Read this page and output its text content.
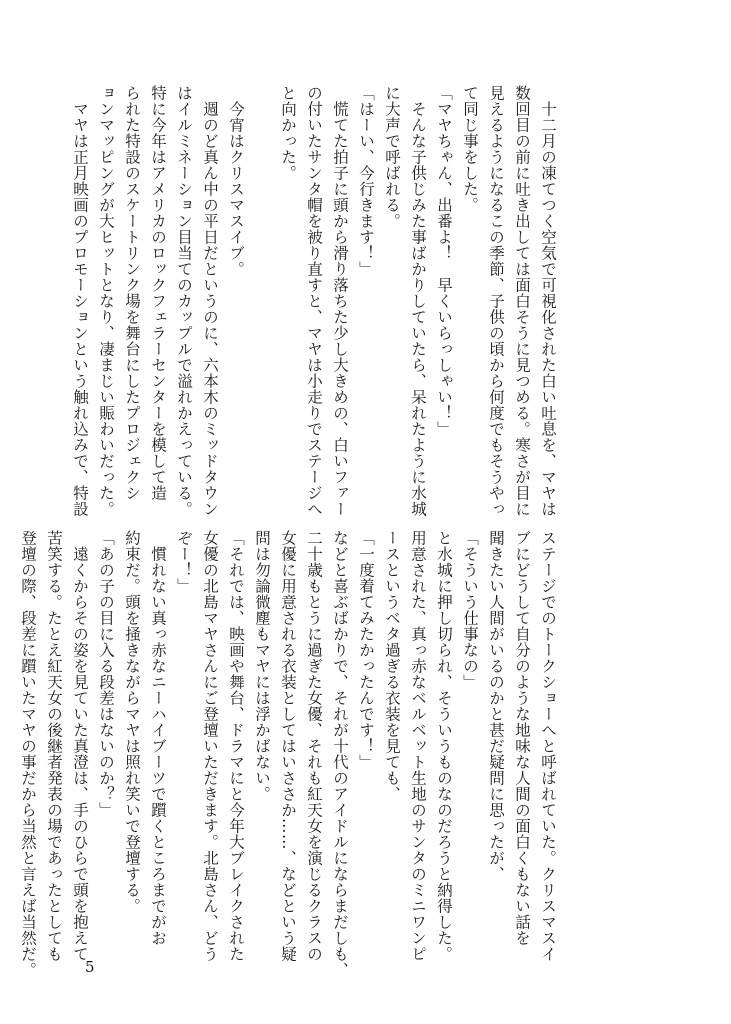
　十二月の凍てつく空気で可視化された白い吐息を、マヤは

数回目の前に吐き出しては面白そうに見つめる。寒さが目に

見えるようになるこの季節、子供の頃から何度でもそうやっ

て同じ事をした。

「マヤちゃん、出番よ！　早くいらっしゃい！」

　そんな子供じみた事ばかりしていたら、呆れたように水城

に大声で呼ばれる。

「はーい、今行きます！」

　慌てた拍子に頭から滑り落ちた少し大きめの、白いファー

の付いたサンタ帽を被り直すと、マヤは小走りでステージへ

と向かった。

　今宵はクリスマスイブ。

　週のど真ん中の平日だというのに、六本木のミッドタウン

はイルミネーション目当てのカップルで溢れかえっている。

特に今年はアメリカのロックフェラーセンターを模して造

られた特設のスケートリンク場を舞台にしたプロジェクシ

ョンマッピングが大ヒットとなり、凄まじい賑わいだった。

　マヤは正月映画のプロモーションという触れ込みで、特設

ステージでのトークショーへと呼ばれていた。クリスマスイ

ブにどうして自分のような地味な人間の面白くもない話を

聞きたい人間がいるのかと甚だ疑問に思ったが、

「そういう仕事なの」

と水城に押し切られ、そういうものなのだろうと納得した。

用意された、真っ赤なベルベット生地のサンタのミニワンピ

ースというベタ過ぎる衣装を見ても、

「一度着てみたかったんです！」

などと喜ぶばかりで、それが十代のアイドルにならまだしも、

二十歳もとうに過ぎた女優、それも紅天女を演じるクラスの

女優に用意される衣装としてはいささか……、などという疑

問は勿論微塵もマヤには浮かばない。

「それでは、映画や舞台、ドラマにと今年大ブレイクされた

女優の北島マヤさんにご登壇いただきます。北島さん、どう

ぞー！」

　慣れない真っ赤なニーハイブーツで躓くところまでがお

約束だ。頭を掻きながらマヤは照れ笑いで登壇する。

「あの子の目に入る段差はないのか？」

　遠くからその姿を見ていた真澄は、手のひらで頭を抱えて

苦笑する。たとえ紅天女の後継者発表の場であったとしても

登壇の際、段差に躓いたマヤの事だから当然と言えば当然だ。	5
